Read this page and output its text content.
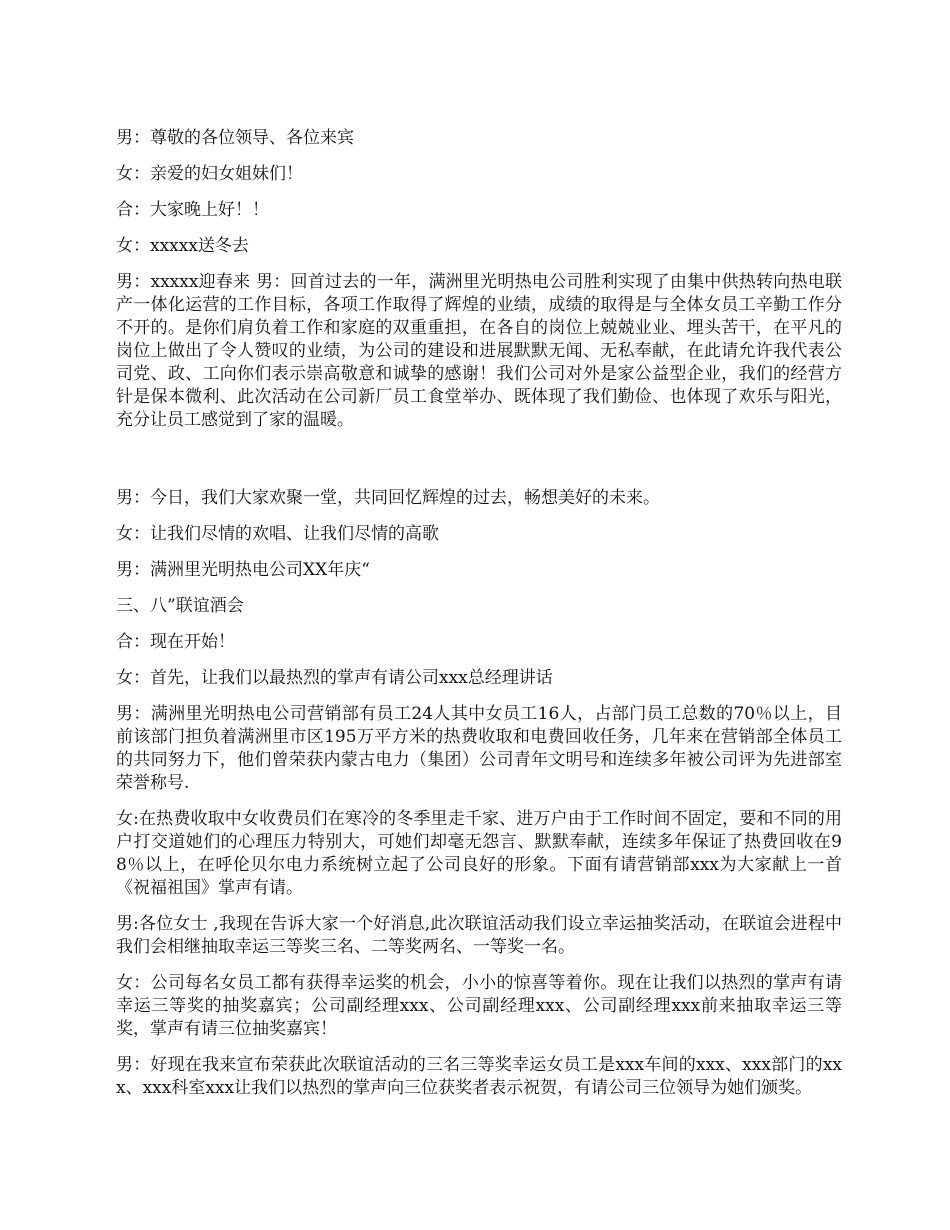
男：尊敬的各位领导、各位来宾

女：亲爱的妇女姐妹们！

合：大家晚上好！！

女：xxxxx送冬去

男：xxxxx迎春来 男：回首过去的一年，满洲里光明热电公司胜利实现了由集中供热转向热电联产一体化运营的工作目标，各项工作取得了辉煌的业绩，成绩的取得是与全体女员工辛勤工作分不开的。是你们肩负着工作和家庭的双重重担，在各自的岗位上兢兢业业、埋头苦干，在平凡的岗位上做出了令人赞叹的业绩，为公司的建设和进展默默无闻、无私奉献，在此请允许我代表公司党、政、工向你们表示崇高敬意和诚挚的感谢！我们公司对外是家公益型企业，我们的经营方针是保本微利、此次活动在公司新厂员工食堂举办、既体现了我们勤俭、也体现了欢乐与阳光，充分让员工感觉到了家的温暖。

男：今日，我们大家欢聚一堂，共同回忆辉煌的过去，畅想美好的未来。

女：让我们尽情的欢唱、让我们尽情的高歌

男：满洲里光明热电公司XX年庆“

三、八”联谊酒会

合：现在开始！

女：首先，让我们以最热烈的掌声有请公司xxx总经理讲话

男：满洲里光明热电公司营销部有员工24人其中女员工16人，占部门员工总数的70％以上，目前该部门担负着满洲里市区195万平方米的热费收取和电费回收任务，几年来在营销部全体员工的共同努力下，他们曾荣获内蒙古电力（集团）公司青年文明号和连续多年被公司评为先进部室荣誉称号.

女:在热费收取中女收费员们在寒冷的冬季里走千家、进万户由于工作时间不固定，要和不同的用户打交道她们的心理压力特别大，可她们却毫无怨言、默默奉献，连续多年保证了热费回收在98％以上，在呼伦贝尔电力系统树立起了公司良好的形象。下面有请营销部xxx为大家献上一首《祝福祖国》掌声有请。

男:各位女士 ,我现在告诉大家一个好消息,此次联谊活动我们设立幸运抽奖活动，在联谊会进程中我们会相继抽取幸运三等奖三名、二等奖两名、一等奖一名。

女：公司每名女员工都有获得幸运奖的机会，小小的惊喜等着你。现在让我们以热烈的掌声有请幸运三等奖的抽奖嘉宾；公司副经理xxx、公司副经理xxx、公司副经理xxx前来抽取幸运三等奖，掌声有请三位抽奖嘉宾！

男：好现在我来宣布荣获此次联谊活动的三名三等奖幸运女员工是xxx车间的xxx、xxx部门的xxx、xxx科室xxx让我们以热烈的掌声向三位获奖者表示祝贺，有请公司三位领导为她们颁奖。
